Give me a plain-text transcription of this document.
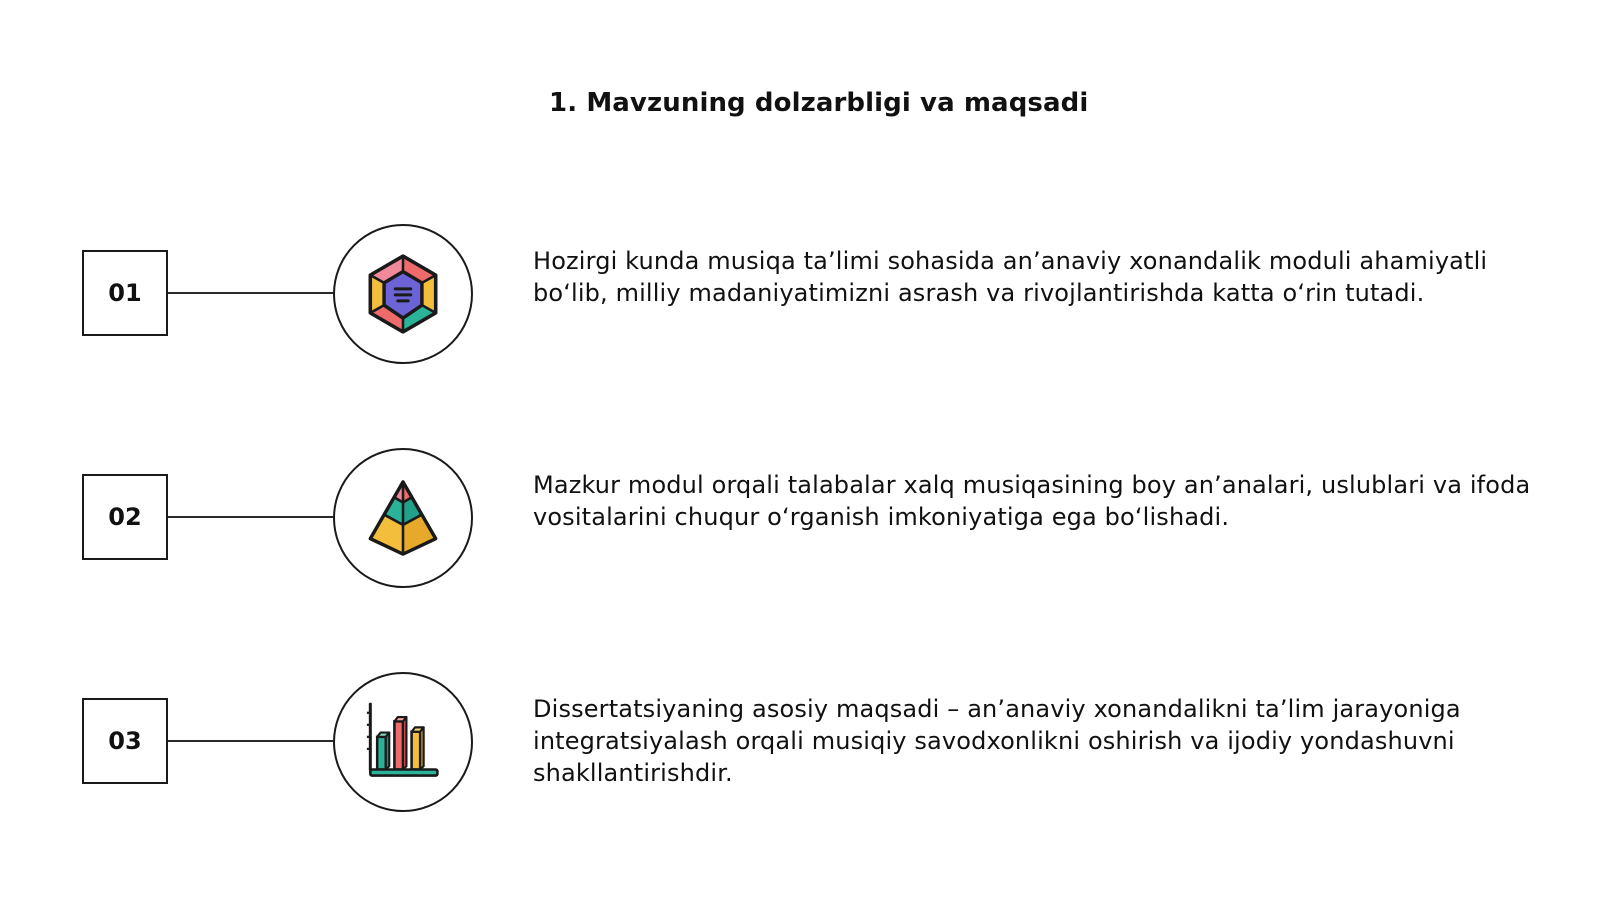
1. Mavzuning dolzarbligi va maqsadi
01
Hozirgi kunda musiqa ta’limi sohasida an’anaviy xonandalik moduli ahamiyatli bo‘lib, milliy madaniyatimizni asrash va rivojlantirishda katta o‘rin tutadi.
02
Mazkur modul orqali talabalar xalq musiqasining boy an’analari, uslublari va ifoda vositalarini chuqur o‘rganish imkoniyatiga ega bo‘lishadi.
03
Dissertatsiyaning asosiy maqsadi – an’anaviy xonandalikni ta’lim jarayoniga integratsiyalash orqali musiqiy savodxonlikni oshirish va ijodiy yondashuvni shakllantirishdir.
